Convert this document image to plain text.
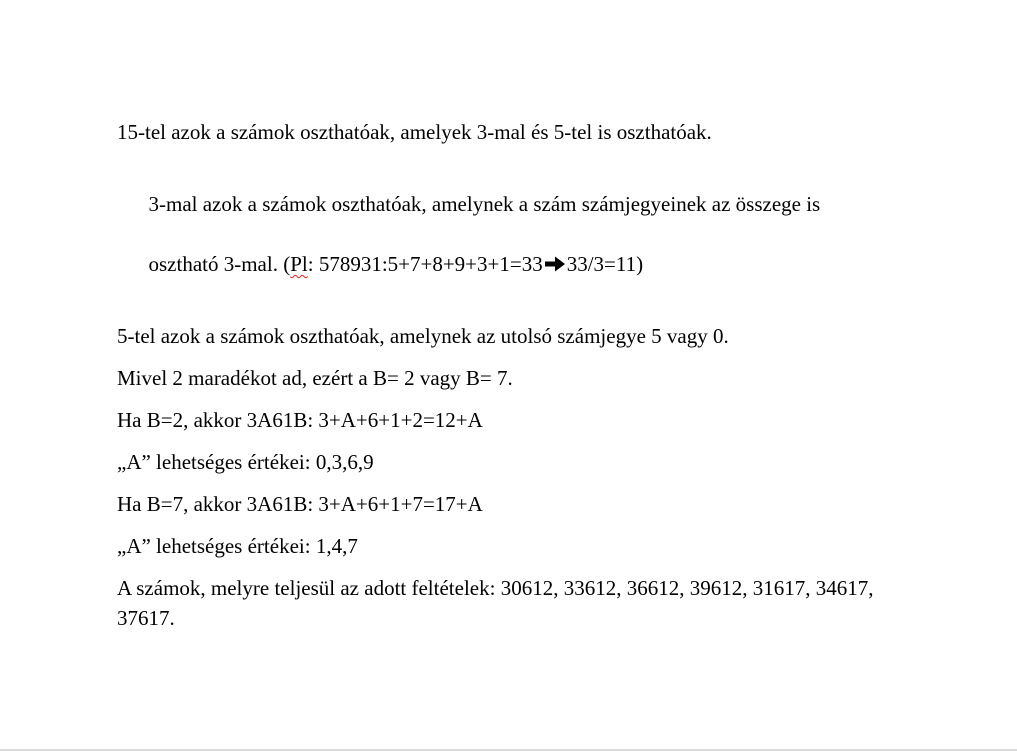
15-tel azok a számok oszthatóak, amelyek 3-mal és 5-tel is oszthatóak.

3-mal azok a számok oszthatóak, amelynek a szám számjegyeinek az összege is

osztható 3-mal. (Pl: 578931:5+7+8+9+3+1=33 33/3=11)

5-tel azok a számok oszthatóak, amelynek az utolsó számjegye 5 vagy 0.

Mivel 2 maradékot ad, ezért a B= 2 vagy B= 7.

Ha B=2, akkor 3A61B: 3+A+6+1+2=12+A

„A” lehetséges értékei: 0,3,6,9

Ha B=7, akkor 3A61B: 3+A+6+1+7=17+A

„A” lehetséges értékei: 1,4,7

A számok, melyre teljesül az adott feltételek: 30612, 33612, 36612, 39612, 31617, 34617, 37617.
